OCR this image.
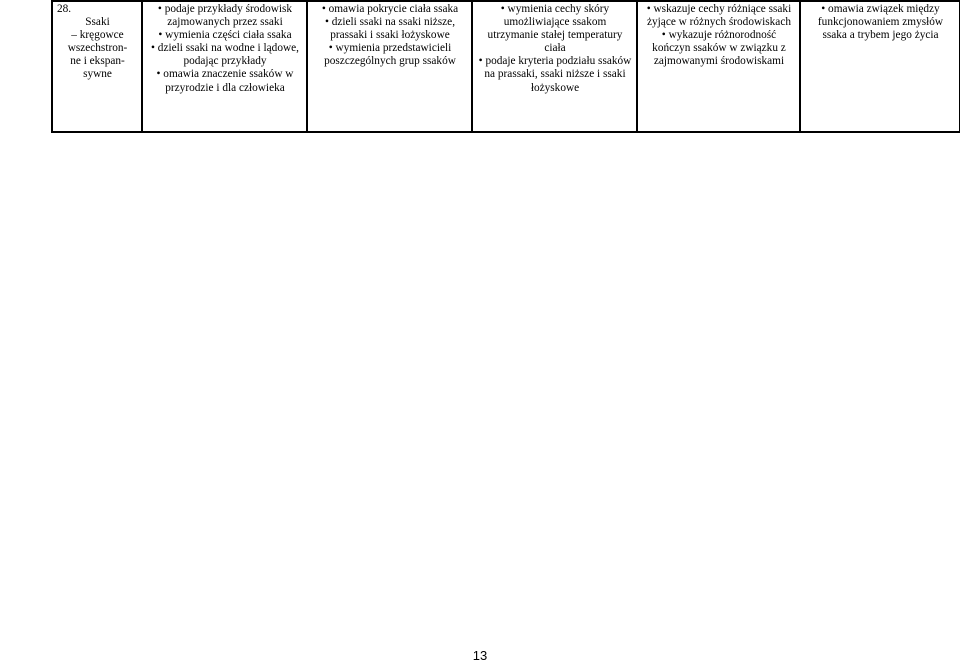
28.
Ssaki
– kręgowce
wszechstron-
ne i ekspan-
sywne

• podaje przykłady środowisk zajmowanych przez ssaki
• wymienia części ciała ssaka
• dzieli ssaki na wodne i lądowe, podając przykłady
• omawia znaczenie ssaków w przyrodzie i dla człowieka

• omawia pokrycie ciała ssaka
• dzieli ssaki na ssaki niższe, prassaki i ssaki łożyskowe
• wymienia przedstawicieli poszczególnych grup ssaków

• wymienia cechy skóry umożliwiające ssakom utrzymanie stałej temperatury ciała
• podaje kryteria podziału ssaków na prassaki, ssaki niższe i ssaki łożyskowe

• wskazuje cechy różniące ssaki żyjące w różnych środowiskach
• wykazuje różnorodność kończyn ssaków w związku z zajmowanymi środowiskami

• omawia związek między funkcjonowaniem zmysłów ssaka a trybem jego życia
13
